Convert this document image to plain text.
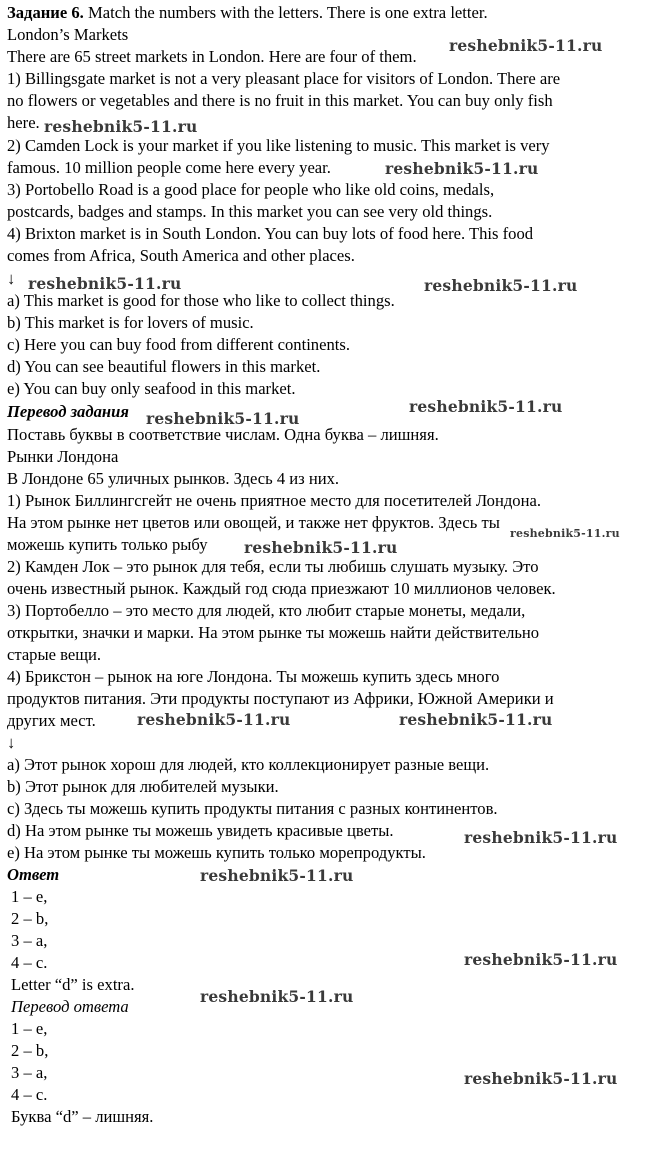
Задание 6. Match the numbers with the letters. There is one extra letter.
London’s Markets
There are 65 street markets in London. Here are four of them.
1) Billingsgate market is not a very pleasant place for visitors of London. There are
no flowers or vegetables and there is no fruit in this market. You can buy only fish
here.
2) Camden Lock is your market if you like listening to music. This market is very
famous. 10 million people come here every year.
3) Portobello Road is a good place for people who like old coins, medals,
postcards, badges and stamps. In this market you can see very old things.
4) Brixton market is in South London. You can buy lots of food here. This food
comes from Africa, South America and other places.
↓
a) This market is good for those who like to collect things.
b) This market is for lovers of music.
c) Here you can buy food from different continents.
d) You can see beautiful flowers in this market.
e) You can buy only seafood in this market.
Перевод задания
Поставь буквы в соответствие числам. Одна буква – лишняя.
Рынки Лондона
В Лондоне 65 уличных рынков. Здесь 4 из них.
1) Рынок Биллингсгейт не очень приятное место для посетителей Лондона.
На этом рынке нет цветов или овощей, и также нет фруктов. Здесь ты
можешь купить только рыбу
2) Камден Лок – это рынок для тебя, если ты любишь слушать музыку. Это
очень известный рынок. Каждый год сюда приезжают 10 миллионов человек.
3) Портобелло – это место для людей, кто любит старые монеты, медали,
открытки, значки и марки. На этом рынке ты можешь найти действительно
старые вещи.
4) Брикстон – рынок на юге Лондона. Ты можешь купить здесь много
продуктов питания. Эти продукты поступают из Африки, Южной Америки и
других мест.
↓
a) Этот рынок хорош для людей, кто коллекционирует разные вещи.
b) Этот рынок для любителей музыки.
c) Здесь ты можешь купить продукты питания с разных континентов.
d) На этом рынке ты можешь увидеть красивые цветы.
e) На этом рынке ты можешь купить только морепродукты.
Ответ
1 – e,
2 – b,
3 – a,
4 – c.
Letter “d” is extra.
Перевод ответа
1 – e,
2 – b,
3 – a,
4 – c.
Буква “d” – лишняя.
reshebnik5-11.ru
reshebnik5-11.ru
reshebnik5-11.ru
reshebnik5-11.ru	reshebnik5-11.ru
reshebnik5-11.ru
reshebnik5-11.ru
reshebnik5-11.ru
reshebnik5-11.ru
reshebnik5-11.ru	reshebnik5-11.ru
reshebnik5-11.ru
reshebnik5-11.ru
reshebnik5-11.ru
reshebnik5-11.ru
reshebnik5-11.ru
